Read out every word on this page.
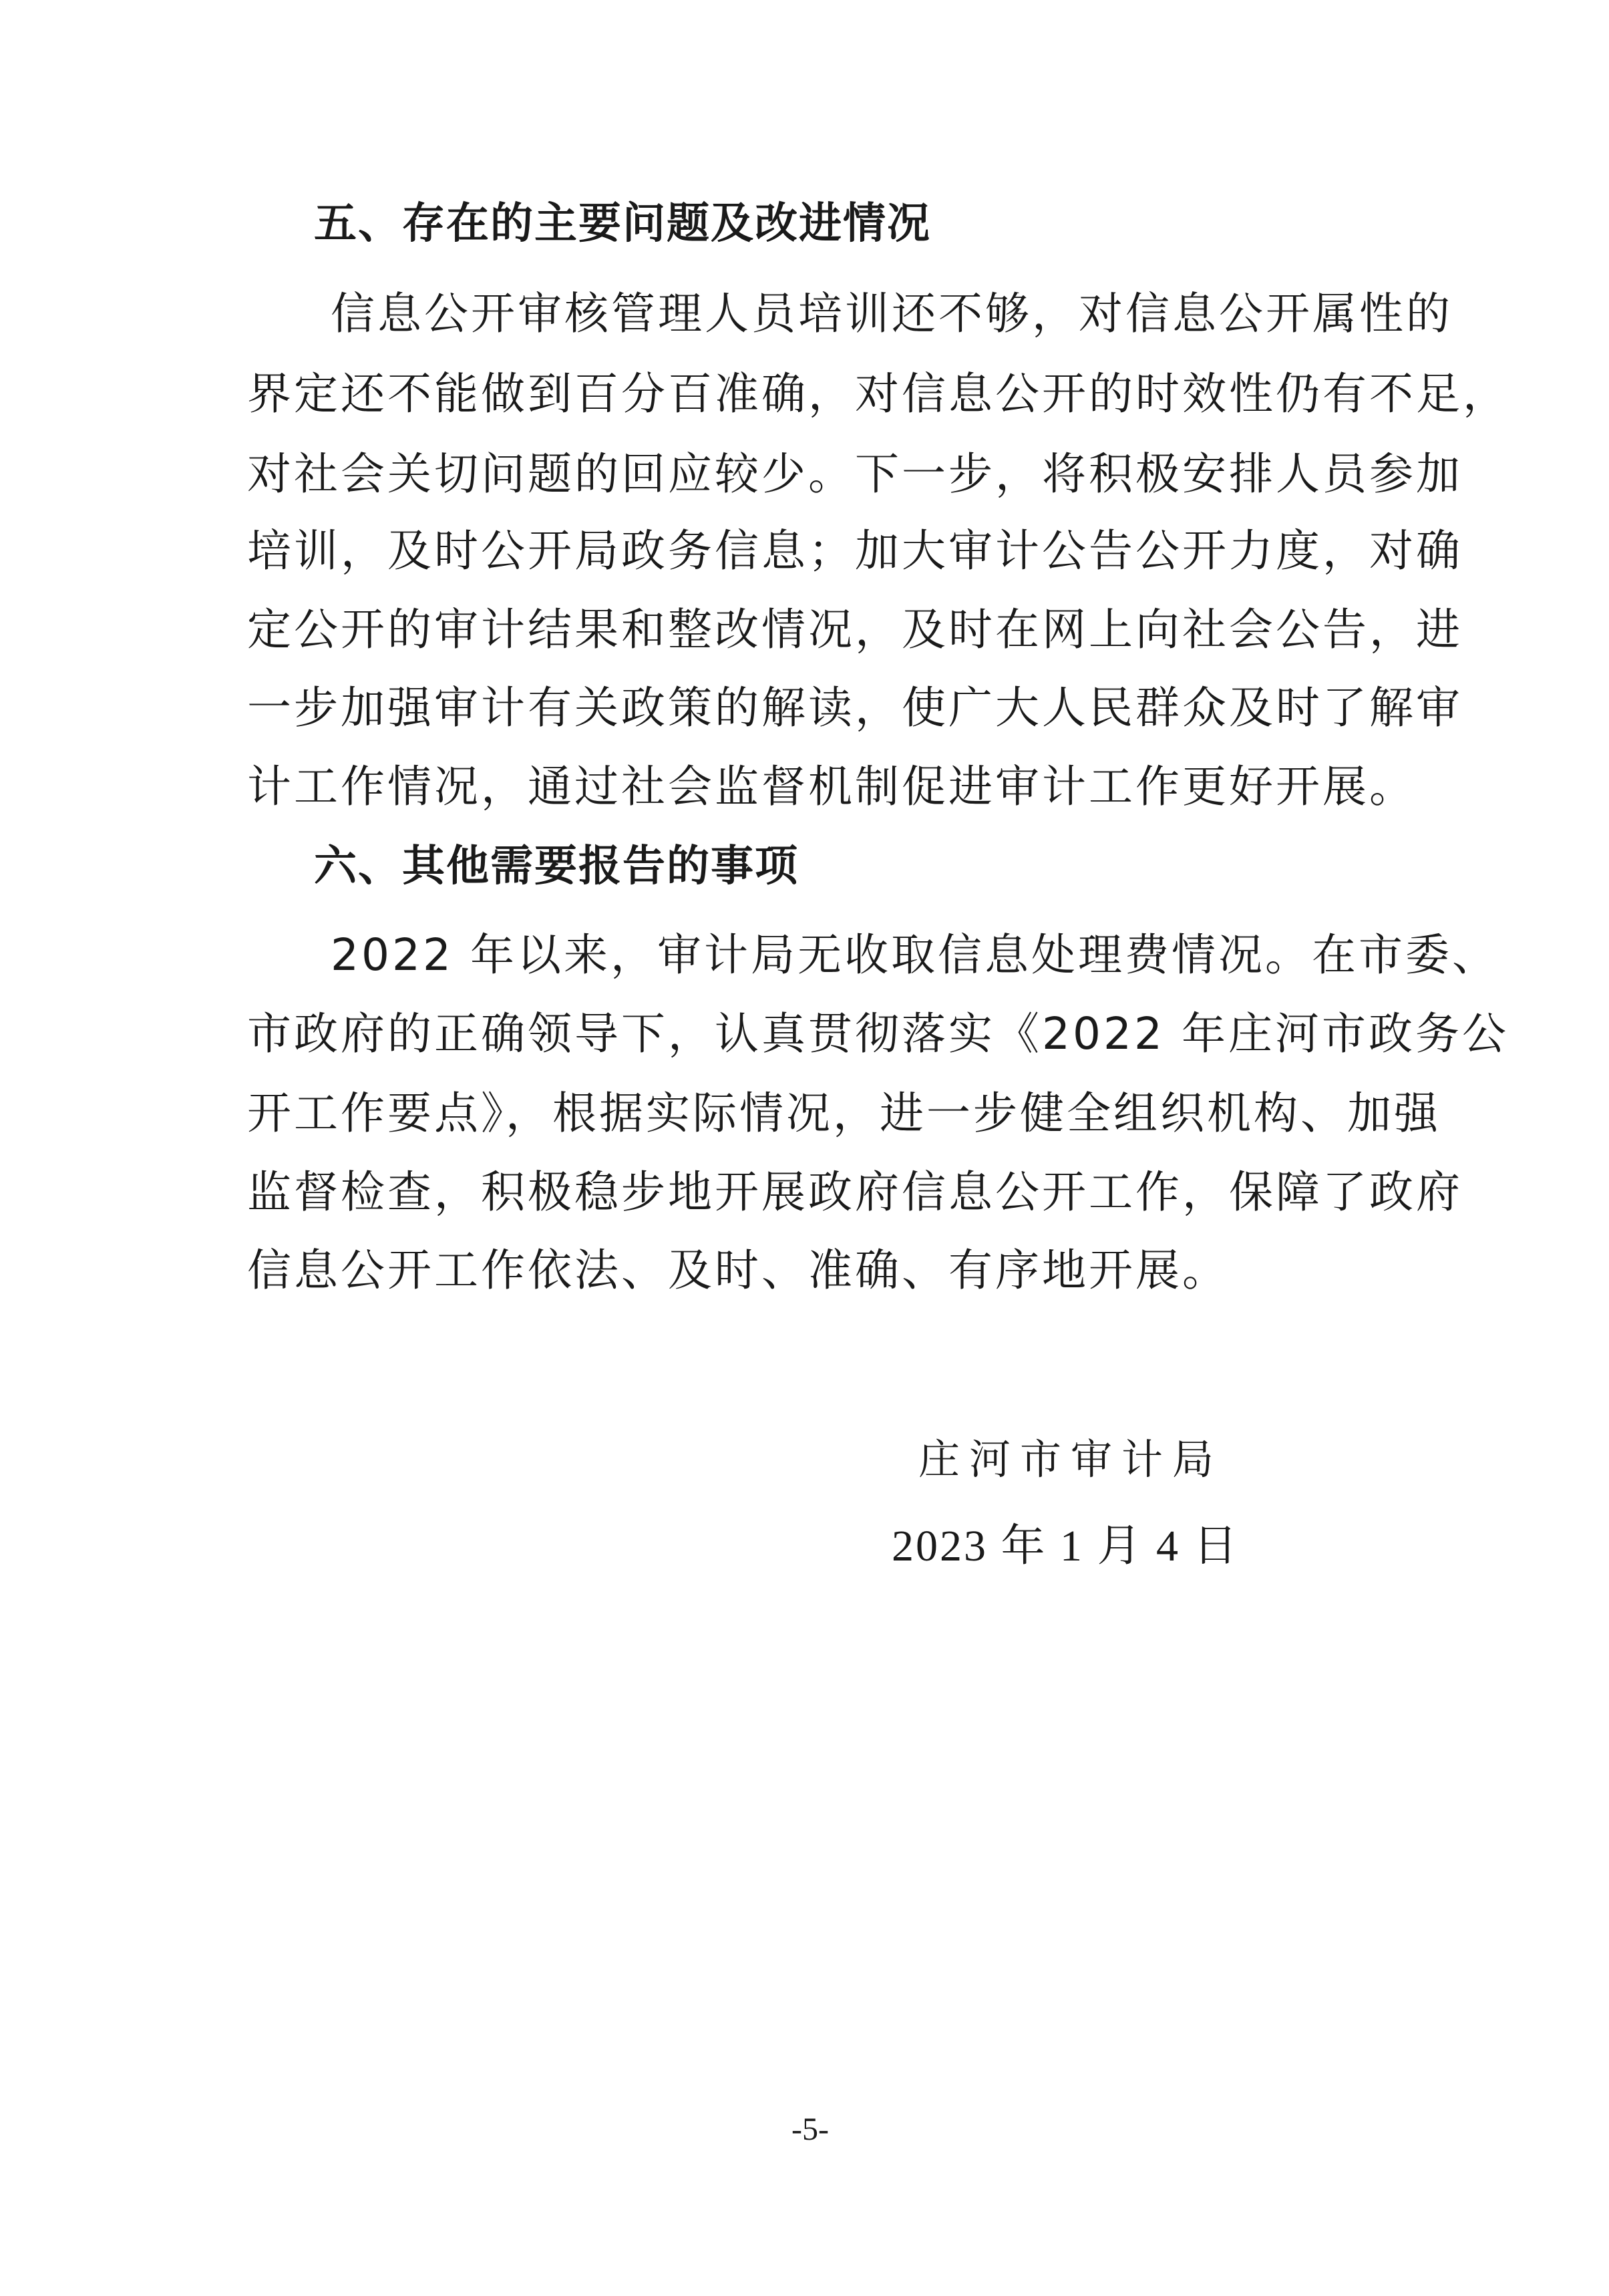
五、存在的主要问题及改进情况
信息公开审核管理人员培训还不够，对信息公开属性的
界定还不能做到百分百准确，对信息公开的时效性仍有不足，
对社会关切问题的回应较少。下一步，将积极安排人员参加
培训，及时公开局政务信息；加大审计公告公开力度，对确
定公开的审计结果和整改情况，及时在网上向社会公告，进
一步加强审计有关政策的解读，使广大人民群众及时了解审
计工作情况，通过社会监督机制促进审计工作更好开展。
六、其他需要报告的事项
2022 年以来，审计局无收取信息处理费情况。在市委、
市政府的正确领导下，认真贯彻落实《2022 年庄河市政务公
开工作要点》，根据实际情况，进一步健全组织机构、加强
监督检查，积极稳步地开展政府信息公开工作，保障了政府
信息公开工作依法、及时、准确、有序地开展。
庄河市审计局
2023 年 1 月 4 日
-5-
